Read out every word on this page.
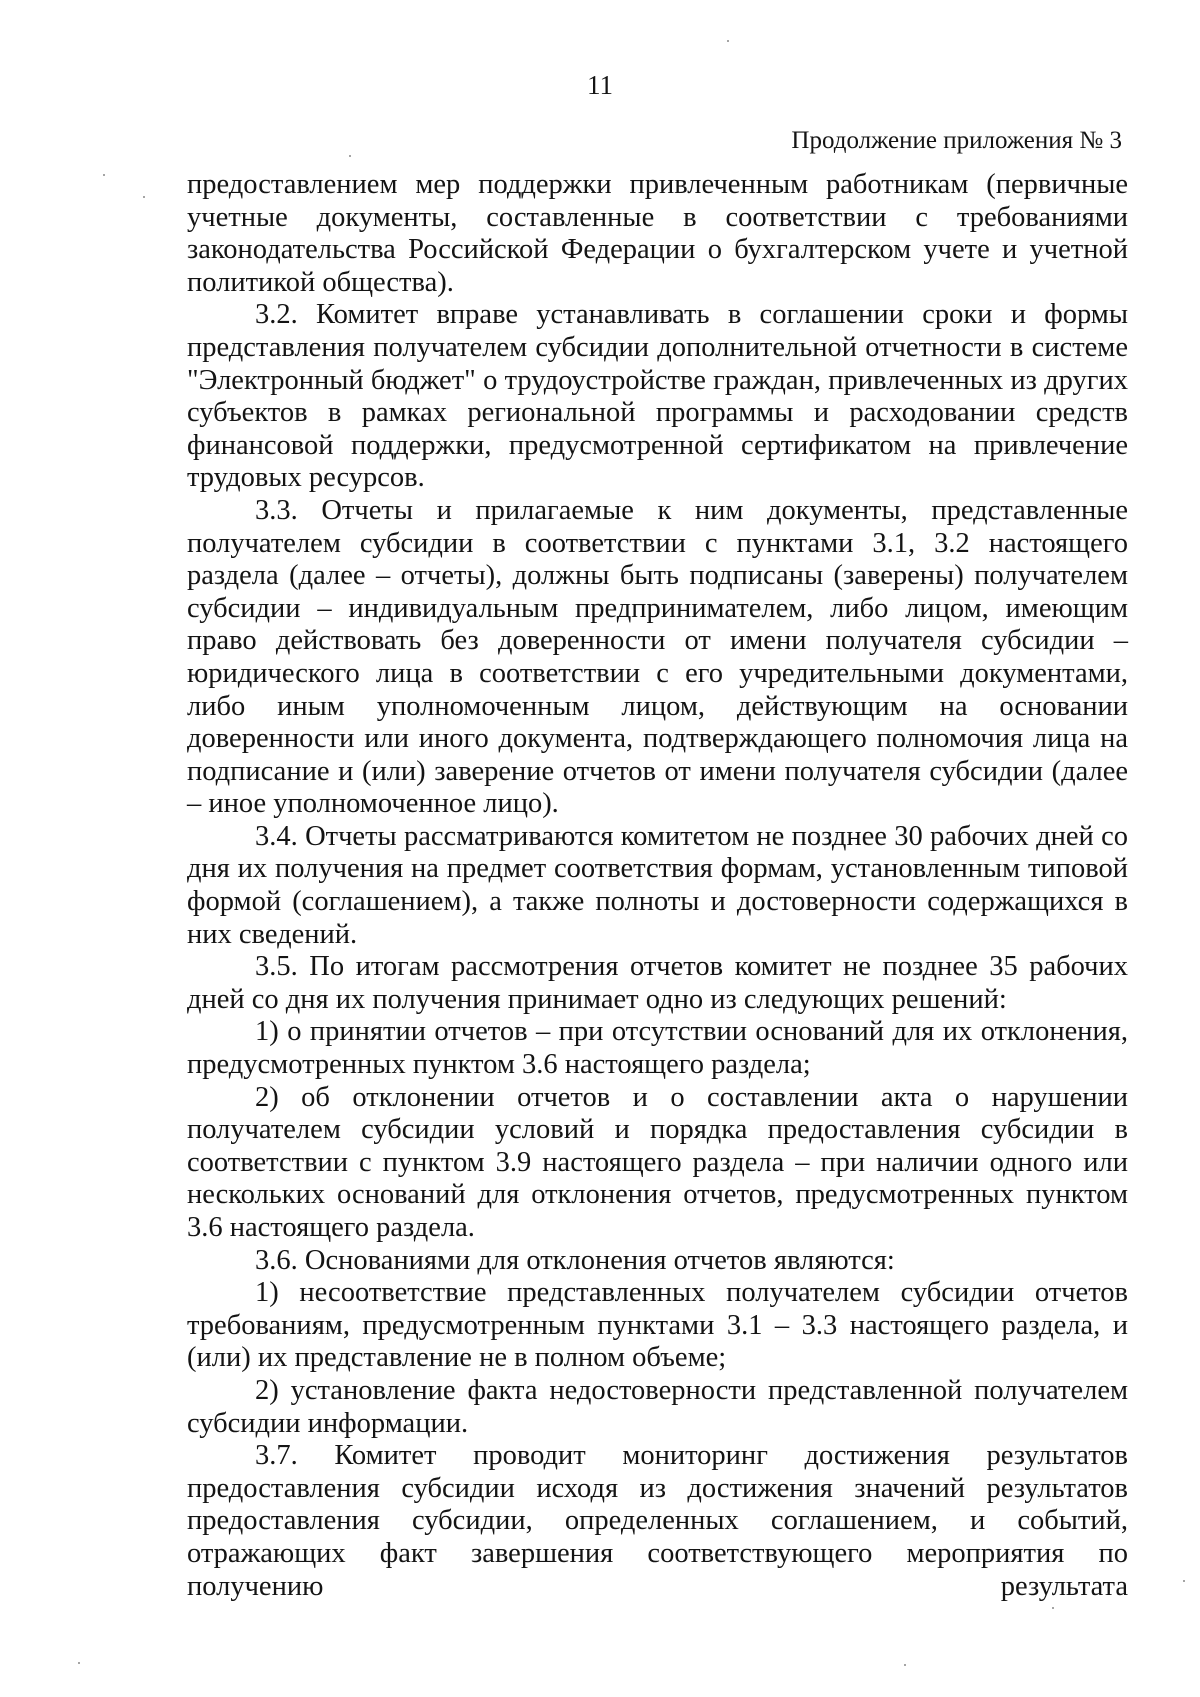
11
Продолжение приложения № 3

предоставлением мер поддержки привлеченным работникам (первичные учетные документы, составленные в соответствии с требованиями законодательства Российской Федерации о бухгалтерском учете и учетной политикой общества).

3.2. Комитет вправе устанавливать в соглашении сроки и формы представления получателем субсидии дополнительной отчетности в системе "Электронный бюджет" о трудоустройстве граждан, привлеченных из других субъектов в рамках региональной программы и расходовании средств финансовой поддержки, предусмотренной сертификатом на привлечение трудовых ресурсов.

3.3. Отчеты и прилагаемые к ним документы, представленные получателем субсидии в соответствии с пунктами 3.1, 3.2 настоящего раздела (далее – отчеты), должны быть подписаны (заверены) получателем субсидии – индивидуальным предпринимателем, либо лицом, имеющим право действовать без доверенности от имени получателя субсидии – юридического лица в соответствии с его учредительными документами, либо иным уполномоченным лицом, действующим на основании доверенности или иного документа, подтверждающего полномочия лица на подписание и (или) заверение отчетов от имени получателя субсидии (далее – иное уполномоченное лицо).

3.4. Отчеты рассматриваются комитетом не позднее 30 рабочих дней со дня их получения на предмет соответствия формам, установленным типовой формой (соглашением), а также полноты и достоверности содержащихся в них сведений.

3.5. По итогам рассмотрения отчетов комитет не позднее 35 рабочих дней со дня их получения принимает одно из следующих решений:

1) о принятии отчетов – при отсутствии оснований для их отклонения, предусмотренных пунктом 3.6 настоящего раздела;

2) об отклонении отчетов и о составлении акта о нарушении получателем субсидии условий и порядка предоставления субсидии в соответствии с пунктом 3.9 настоящего раздела – при наличии одного или нескольких оснований для отклонения отчетов, предусмотренных пунктом 3.6 настоящего раздела.

3.6. Основаниями для отклонения отчетов являются:

1) несоответствие представленных получателем субсидии отчетов требованиям, предусмотренным пунктами 3.1 – 3.3 настоящего раздела, и (или) их представление не в полном объеме;

2) установление факта недостоверности представленной получателем субсидии информации.

3.7. Комитет проводит мониторинг достижения результатов предоставления субсидии исходя из достижения значений результатов предоставления субсидии, определенных соглашением, и событий, отражающих факт завершения соответствующего мероприятия по получению результата
